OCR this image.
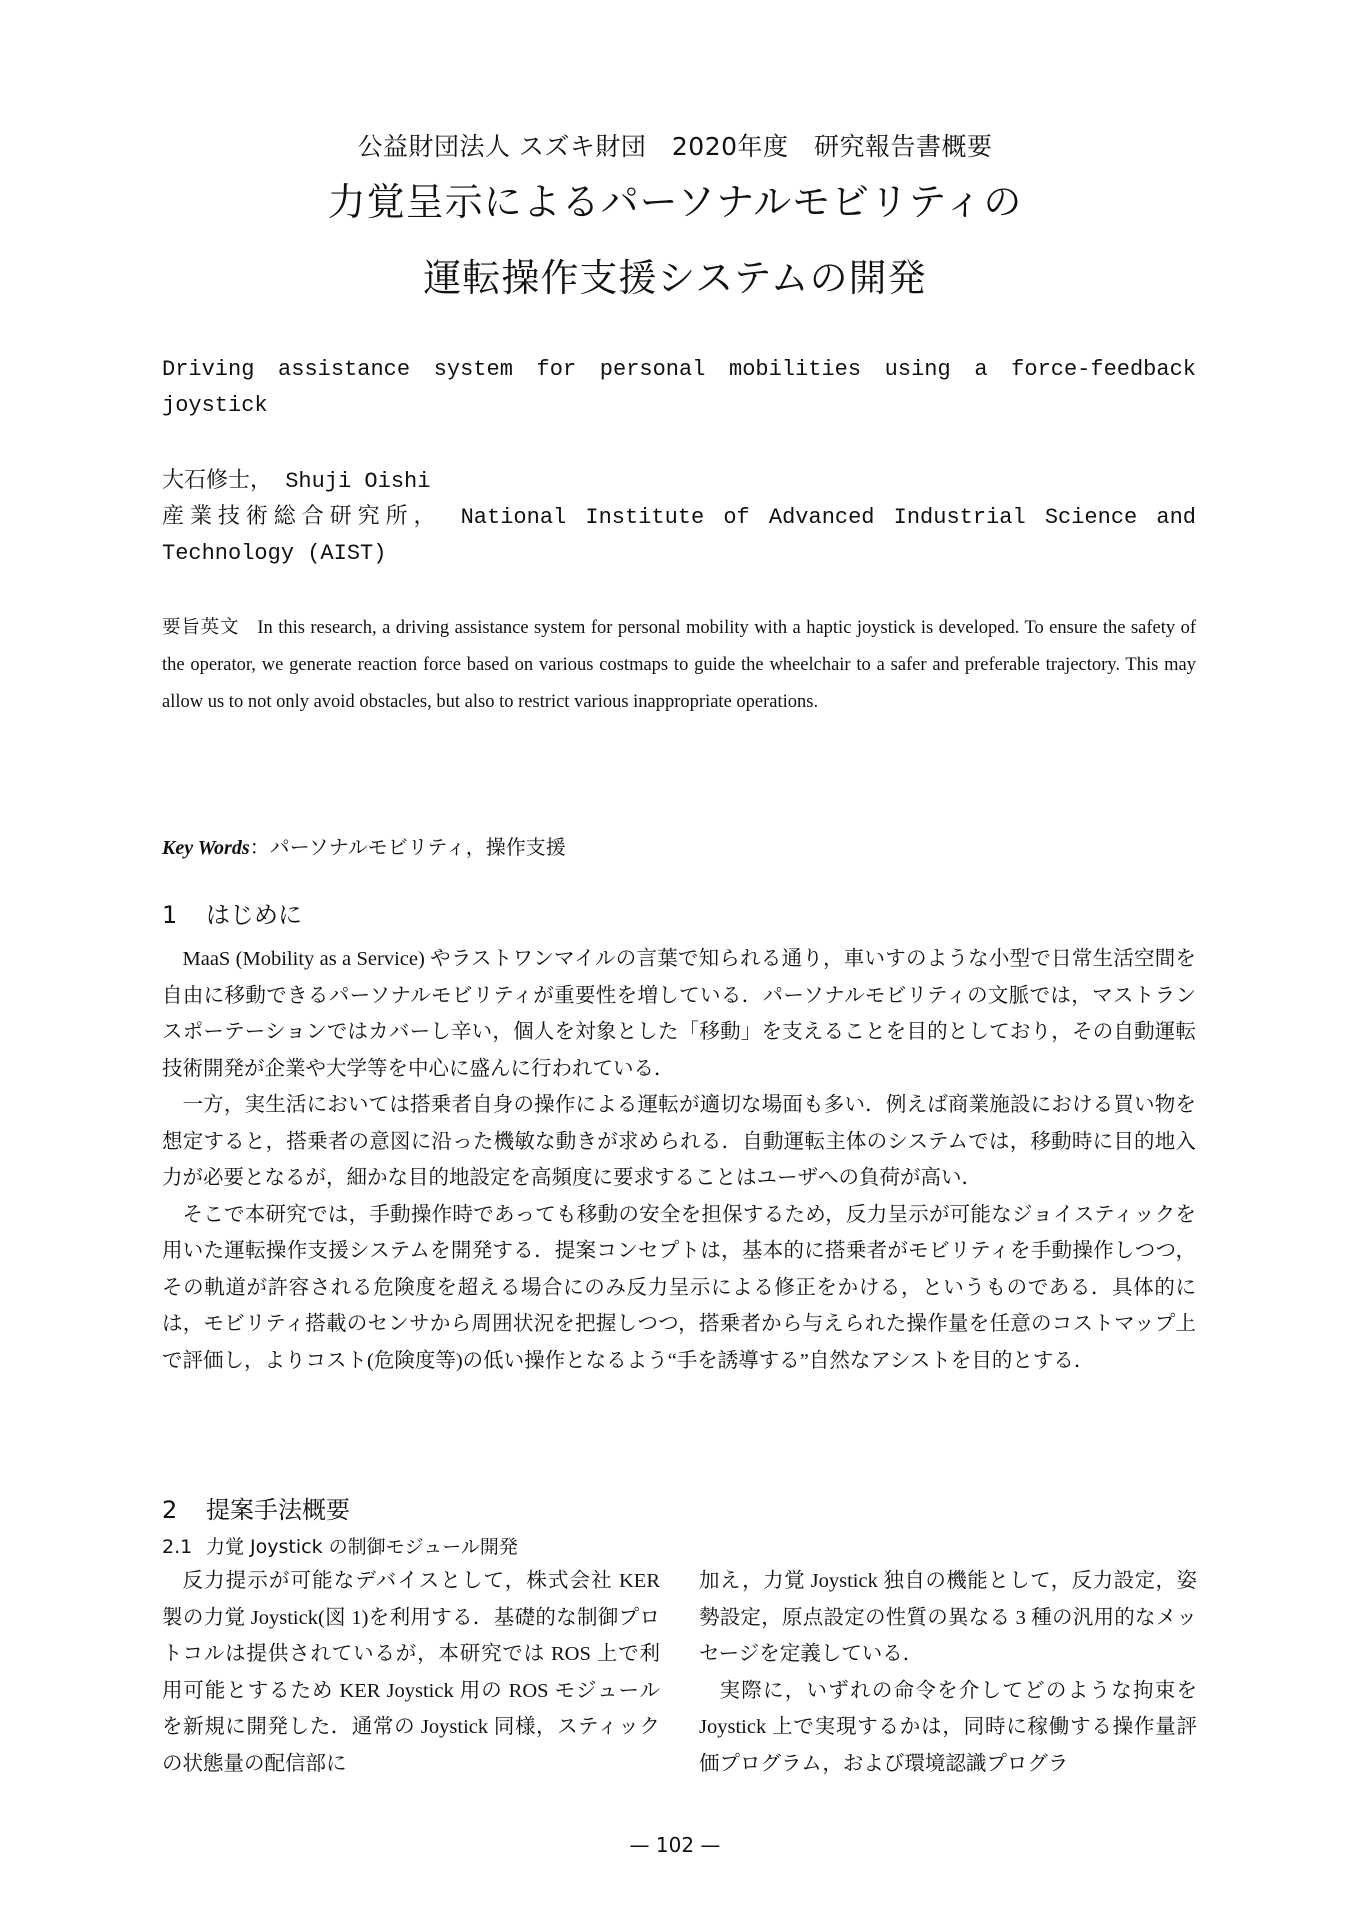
公益財団法人 スズキ財団　2020年度　研究報告書概要
力覚呈示によるパーソナルモビリティの
運転操作支援システムの開発
Driving assistance system for personal mobilities using a force-feedback joystick
大石修士， Shuji Oishi
産業技術総合研究所， National Institute of Advanced Industrial Science and Technology (AIST)
要旨英文 In this research, a driving assistance system for personal mobility with a haptic joystick is developed. To ensure the safety of the operator, we generate reaction force based on various costmaps to guide the wheelchair to a safer and preferable trajectory. This may allow us to not only avoid obstacles, but also to restrict various inappropriate operations.
Key Words：パーソナルモビリティ，操作支援
1 はじめに

MaaS (Mobility as a Service) やラストワンマイルの言葉で知られる通り，車いすのような小型で日常生活空間を自由に移動できるパーソナルモビリティが重要性を増している．パーソナルモビリティの文脈では，マストランスポーテーションではカバーし辛い，個人を対象とした「移動」を支えることを目的としており，その自動運転技術開発が企業や大学等を中心に盛んに行われている．

一方，実生活においては搭乗者自身の操作による運転が適切な場面も多い．例えば商業施設における買い物を想定すると，搭乗者の意図に沿った機敏な動きが求められる．自動運転主体のシステムでは，移動時に目的地入力が必要となるが，細かな目的地設定を高頻度に要求することはユーザへの負荷が高い．

そこで本研究では，手動操作時であっても移動の安全を担保するため，反力呈示が可能なジョイスティックを用いた運転操作支援システムを開発する．提案コンセプトは，基本的に搭乗者がモビリティを手動操作しつつ，その軌道が許容される危険度を超える場合にのみ反力呈示による修正をかける，というものである．具体的には，モビリティ搭載のセンサから周囲状況を把握しつつ，搭乗者から与えられた操作量を任意のコストマップ上で評価し，よりコスト(危険度等)の低い操作となるよう“手を誘導する”自然なアシストを目的とする．

2 提案手法概要
2.1 力覚 Joystick の制御モジュール開発

反力提示が可能なデバイスとして，株式会社 KER 製の力覚 Joystick(図 1)を利用する．基礎的な制御プロトコルは提供されているが，本研究では ROS 上で利用可能とするため KER Joystick 用の ROS モジュールを新規に開発した．通常の Joystick 同様，スティックの状態量の配信部に

加え，力覚 Joystick 独自の機能として，反力設定，姿勢設定，原点設定の性質の異なる 3 種の汎用的なメッセージを定義している．

実際に，いずれの命令を介してどのような拘束を Joystick 上で実現するかは，同時に稼働する操作量評価プログラム，および環境認識プログラ

— 102 —
